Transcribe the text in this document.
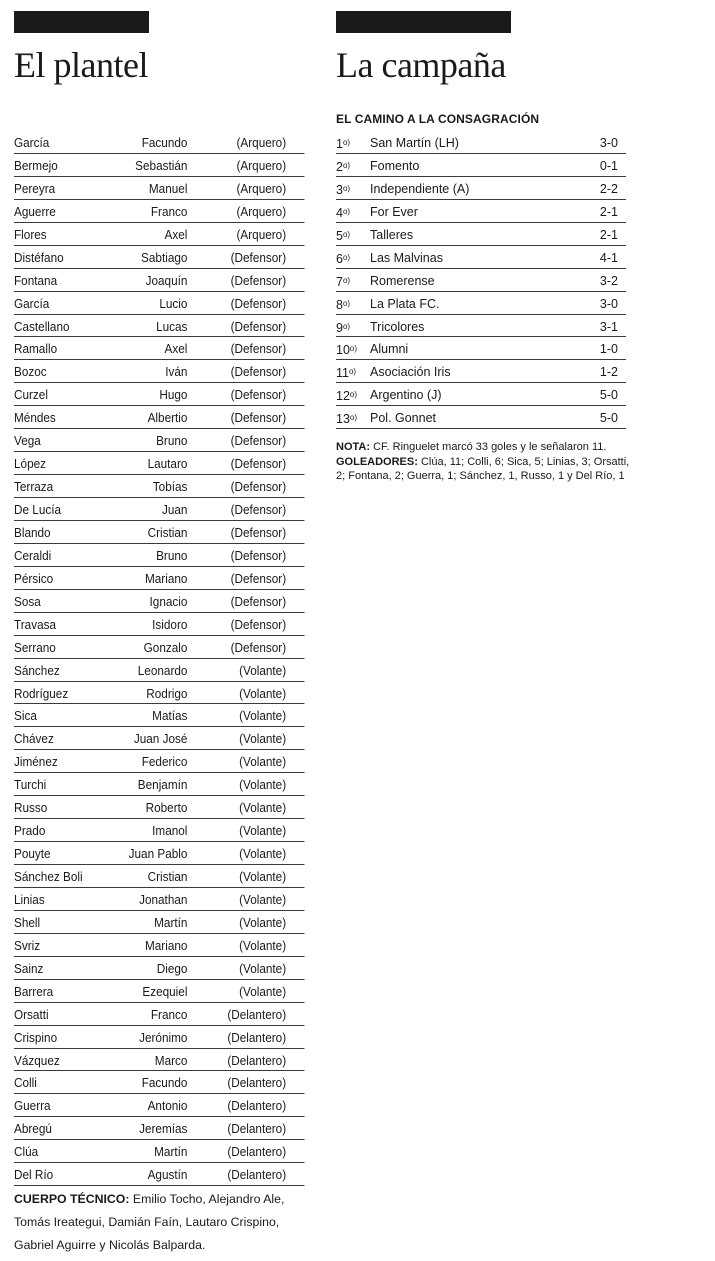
El plantel
García	Facundo	(Arquero)
Bermejo	Sebastián	(Arquero)
Pereyra	Manuel	(Arquero)
Aguerre	Franco	(Arquero)
Flores	Axel	(Arquero)
Distéfano	Sabtiago	(Defensor)
Fontana	Joaquín	(Defensor)
García	Lucio	(Defensor)
Castellano	Lucas	(Defensor)
Ramallo	Axel	(Defensor)
Bozoc	Iván	(Defensor)
Curzel	Hugo	(Defensor)
Méndes	Albertio	(Defensor)
Vega	Bruno	(Defensor)
López	Lautaro	(Defensor)
Terraza	Tobías	(Defensor)
De Lucía	Juan	(Defensor)
Blando	Cristian	(Defensor)
Ceraldi	Bruno	(Defensor)
Pérsico	Mariano	(Defensor)
Sosa	Ignacio	(Defensor)
Travasa	Isidoro	(Defensor)
Serrano	Gonzalo	(Defensor)
Sánchez	Leonardo	(Volante)
Rodríguez	Rodrigo	(Volante)
Sica	Matías	(Volante)
Chávez	Juan José	(Volante)
Jiménez	Federico	(Volante)
Turchi	Benjamín	(Volante)
Russo	Roberto	(Volante)
Prado	Imanol	(Volante)
Pouyte	Juan Pablo	(Volante)
Sánchez Boli	Cristian	(Volante)
Linias	Jonathan	(Volante)
Shell	Martín	(Volante)
Svriz	Mariano	(Volante)
Sainz	Diego	(Volante)
Barrera	Ezequiel	(Volante)
Orsatti	Franco	(Delantero)
Crispino	Jerónimo	(Delantero)
Vázquez	Marco	(Delantero)
Colli	Facundo	(Delantero)
Guerra	Antonio	(Delantero)
Abregú	Jeremías	(Delantero)
Clúa	Martín	(Delantero)
Del Río	Agustín	(Delantero)
CUERPO TÉCNICO: Emilio Tocho, Alejandro Ale, Tomás Ireategui, Damián Faín, Lautaro Crispino, Gabriel Aguirre y Nicolás Balparda.
La campaña
EL CAMINO A LA CONSAGRACIÓN
1$^{o)}$ San Martín (LH)	3-0
2$^{o)}$ Fomento	0-1
3$^{o)}$ Independiente (A)	2-2
4$^{o)}$ For Ever	2-1
5$^{o)}$ Talleres	2-1
6$^{o)}$ Las Malvinas	4-1
7$^{o)}$ Romerense	3-2
8$^{o)}$ La Plata FC.	3-0
9$^{o)}$ Tricolores	3-1
10$^{o)}$ Alumni	1-0
11$^{o)}$ Asociación Iris	1-2
12$^{o)}$ Argentino (J)	5-0
13$^{o)}$ Pol. Gonnet	5-0
NOTA: CF. Ringuelet marcó 33 goles y le señalaron 11.
GOLEADORES: Clúa, 11; Colli, 6; Sica, 5; Linias, 3; Orsatti, 2; Fontana, 2; Guerra, 1; Sánchez, 1, Russo, 1 y Del Río, 1
